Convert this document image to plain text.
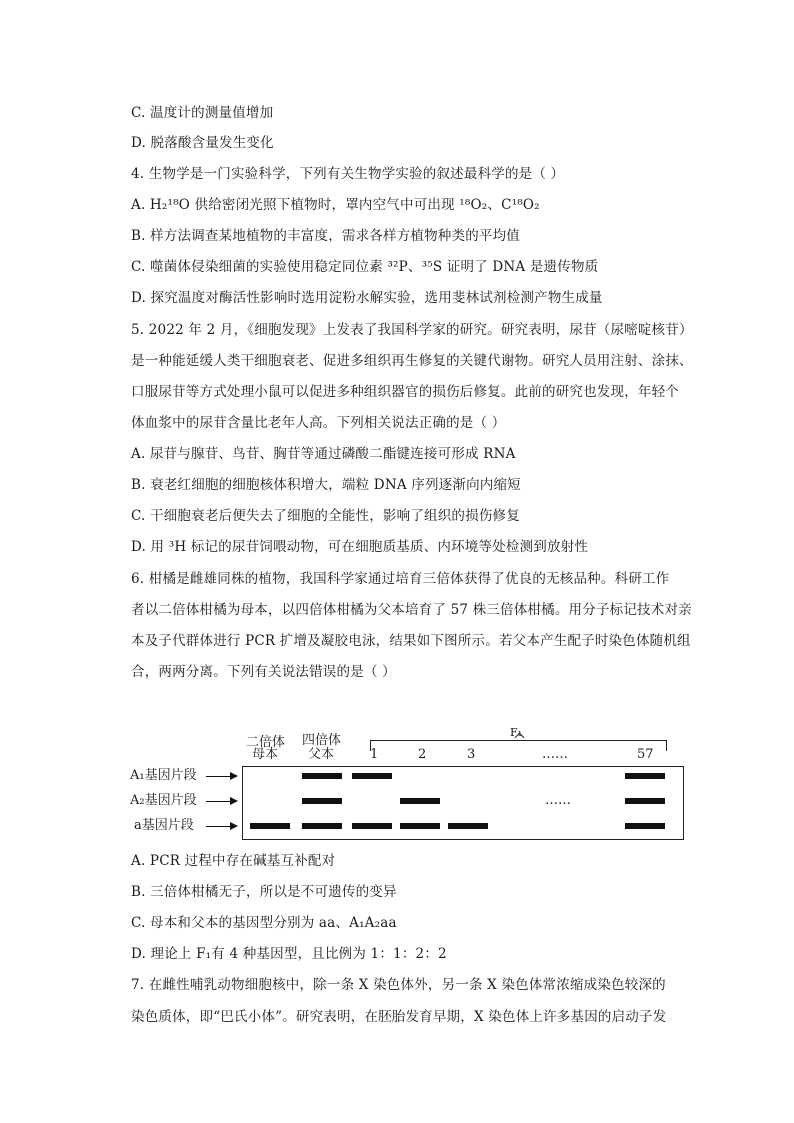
C. 温度计的测量值增加
D. 脱落酸含量发生变化
4. 生物学是一门实验科学，下列有关生物学实验的叙述最科学的是（ ）
A. H₂¹⁸O 供给密闭光照下植物时，罩内空气中可出现 ¹⁸O₂、C¹⁸O₂
B. 样方法调查某地植物的丰富度，需求各样方植物种类的平均值
C. 噬菌体侵染细菌的实验使用稳定同位素 ³²P、³⁵S 证明了 DNA 是遗传物质
D. 探究温度对酶活性影响时选用淀粉水解实验，选用斐林试剂检测产物生成量
5. 2022 年 2 月，《细胞发现》上发表了我国科学家的研究。研究表明，尿苷（尿嘧啶核苷）
是一种能延缓人类干细胞衰老、促进多组织再生修复的关键代谢物。研究人员用注射、涂抹、
口服尿苷等方式处理小鼠可以促进多种组织器官的损伤后修复。此前的研究也发现，年轻个
体血浆中的尿苷含量比老年人高。下列相关说法正确的是（ ）
A. 尿苷与腺苷、鸟苷、胸苷等通过磷酸二酯键连接可形成 RNA
B. 衰老红细胞的细胞核体积增大，端粒 DNA 序列逐渐向内缩短
C. 干细胞衰老后便失去了细胞的全能性，影响了组织的损伤修复
D. 用 ³H 标记的尿苷饲喂动物，可在细胞质基质、内环境等处检测到放射性
6. 柑橘是雌雄同株的植物，我国科学家通过培育三倍体获得了优良的无核品种。科研工作
者以二倍体柑橘为母本，以四倍体柑橘为父本培育了 57 株三倍体柑橘。用分子标记技术对亲
本及子代群体进行 PCR 扩增及凝胶电泳，结果如下图所示。若父本产生配子时染色体随机组
合，两两分离。下列有关说法错误的是（ ）
二倍体 四倍体
母本 父本
F₁
1	2	3	……	57
A₁基因片段
A₂基因片段
a基因片段
……
A. PCR 过程中存在碱基互补配对
B. 三倍体柑橘无子，所以是不可遗传的变异
C. 母本和父本的基因型分别为 aa、A₁A₂aa
D. 理论上 F₁有 4 种基因型，且比例为 1：1：2：2
7. 在雌性哺乳动物细胞核中，除一条 X 染色体外，另一条 X 染色体常浓缩成染色较深的
染色质体，即“巴氏小体”。研究表明，在胚胎发育早期，X 染色体上许多基因的启动子发
